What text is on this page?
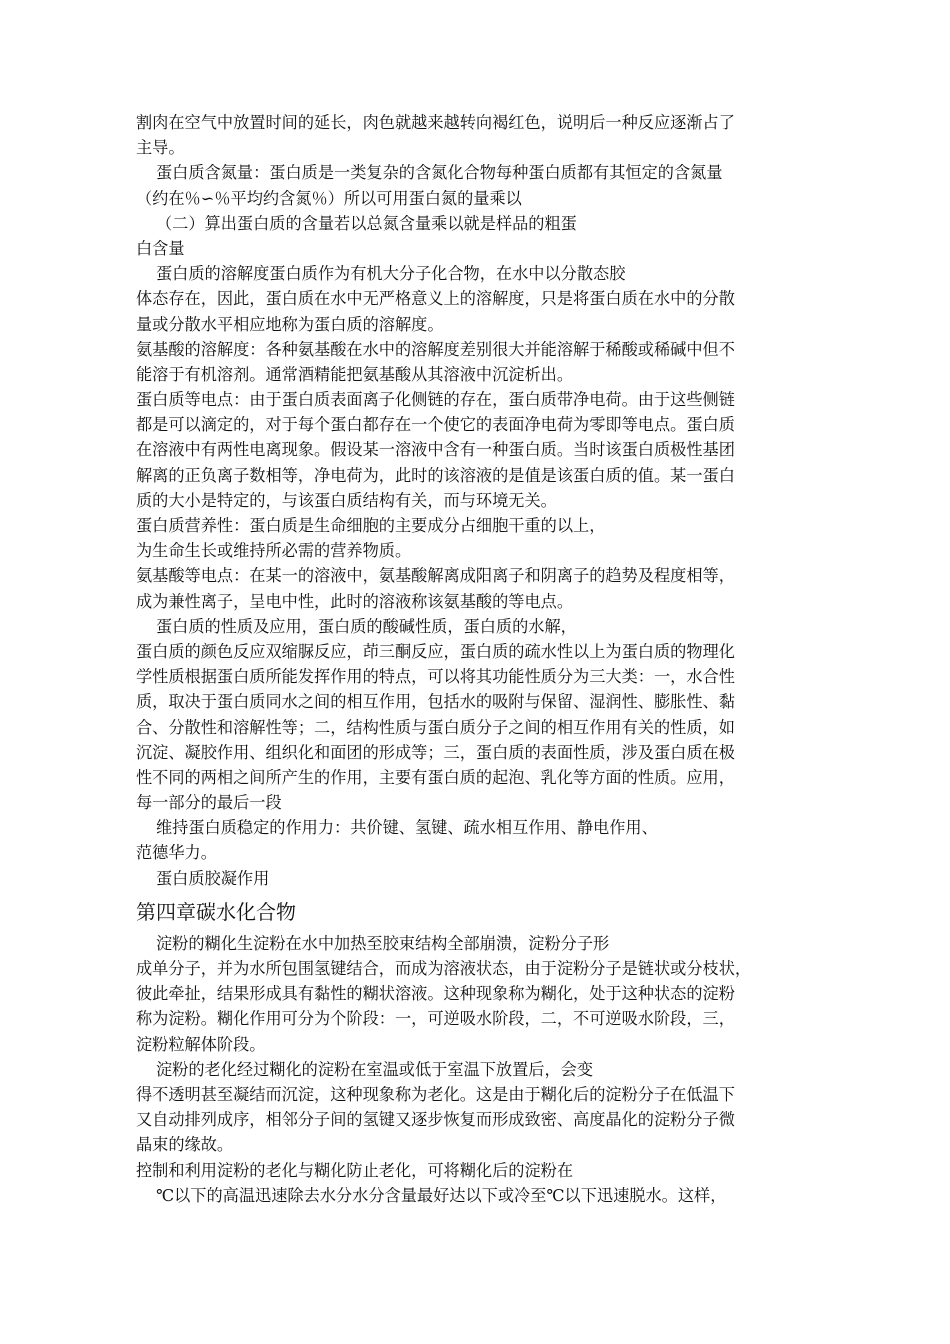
割肉在空气中放置时间的延长，肉色就越来越转向褐红色，说明后一种反应逐渐占了
主导。
蛋白质含氮量：蛋白质是一类复杂的含氮化合物每种蛋白质都有其恒定的含氮量
（约在％∽％平均约含氮％）所以可用蛋白氮的量乘以
（二）算出蛋白质的含量若以总氮含量乘以就是样品的粗蛋
白含量
蛋白质的溶解度蛋白质作为有机大分子化合物，在水中以分散态胶
体态存在，因此，蛋白质在水中无严格意义上的溶解度，只是将蛋白质在水中的分散
量或分散水平相应地称为蛋白质的溶解度。
氨基酸的溶解度：各种氨基酸在水中的溶解度差别很大并能溶解于稀酸或稀碱中但不
能溶于有机溶剂。通常酒精能把氨基酸从其溶液中沉淀析出。
蛋白质等电点：由于蛋白质表面离子化侧链的存在，蛋白质带净电荷。由于这些侧链
都是可以滴定的，对于每个蛋白都存在一个使它的表面净电荷为零即等电点。蛋白质
在溶液中有两性电离现象。假设某一溶液中含有一种蛋白质。当时该蛋白质极性基团
解离的正负离子数相等，净电荷为，此时的该溶液的是值是该蛋白质的值。某一蛋白
质的大小是特定的，与该蛋白质结构有关，而与环境无关。
蛋白质营养性：蛋白质是生命细胞的主要成分占细胞干重的以上，
为生命生长或维持所必需的营养物质。
氨基酸等电点：在某一的溶液中，氨基酸解离成阳离子和阴离子的趋势及程度相等，
成为兼性离子，呈电中性，此时的溶液称该氨基酸的等电点。
蛋白质的性质及应用，蛋白质的酸碱性质，蛋白质的水解，
蛋白质的颜色反应双缩脲反应，茚三酮反应，蛋白质的疏水性以上为蛋白质的物理化
学性质根据蛋白质所能发挥作用的特点，可以将其功能性质分为三大类：一，水合性
质，取决于蛋白质同水之间的相互作用，包括水的吸附与保留、湿润性、膨胀性、黏
合、分散性和溶解性等；二，结构性质与蛋白质分子之间的相互作用有关的性质，如
沉淀、凝胶作用、组织化和面团的形成等；三，蛋白质的表面性质，涉及蛋白质在极
性不同的两相之间所产生的作用，主要有蛋白质的起泡、乳化等方面的性质。应用，
每一部分的最后一段
维持蛋白质稳定的作用力：共价键、氢键、疏水相互作用、静电作用、
范德华力。
蛋白质胶凝作用
第四章碳水化合物
淀粉的糊化生淀粉在水中加热至胶束结构全部崩溃，淀粉分子形
成单分子，并为水所包围氢键结合，而成为溶液状态，由于淀粉分子是链状或分枝状，
彼此牵扯，结果形成具有黏性的糊状溶液。这种现象称为糊化，处于这种状态的淀粉
称为淀粉。糊化作用可分为个阶段：一，可逆吸水阶段，二，不可逆吸水阶段，三，
淀粉粒解体阶段。
淀粉的老化经过糊化的淀粉在室温或低于室温下放置后，会变
得不透明甚至凝结而沉淀，这种现象称为老化。这是由于糊化后的淀粉分子在低温下
又自动排列成序，相邻分子间的氢键又逐步恢复而形成致密、高度晶化的淀粉分子微
晶束的缘故。
控制和利用淀粉的老化与糊化防止老化，可将糊化后的淀粉在
℃以下的高温迅速除去水分水分含量最好达以下或冷至℃以下迅速脱水。这样，
